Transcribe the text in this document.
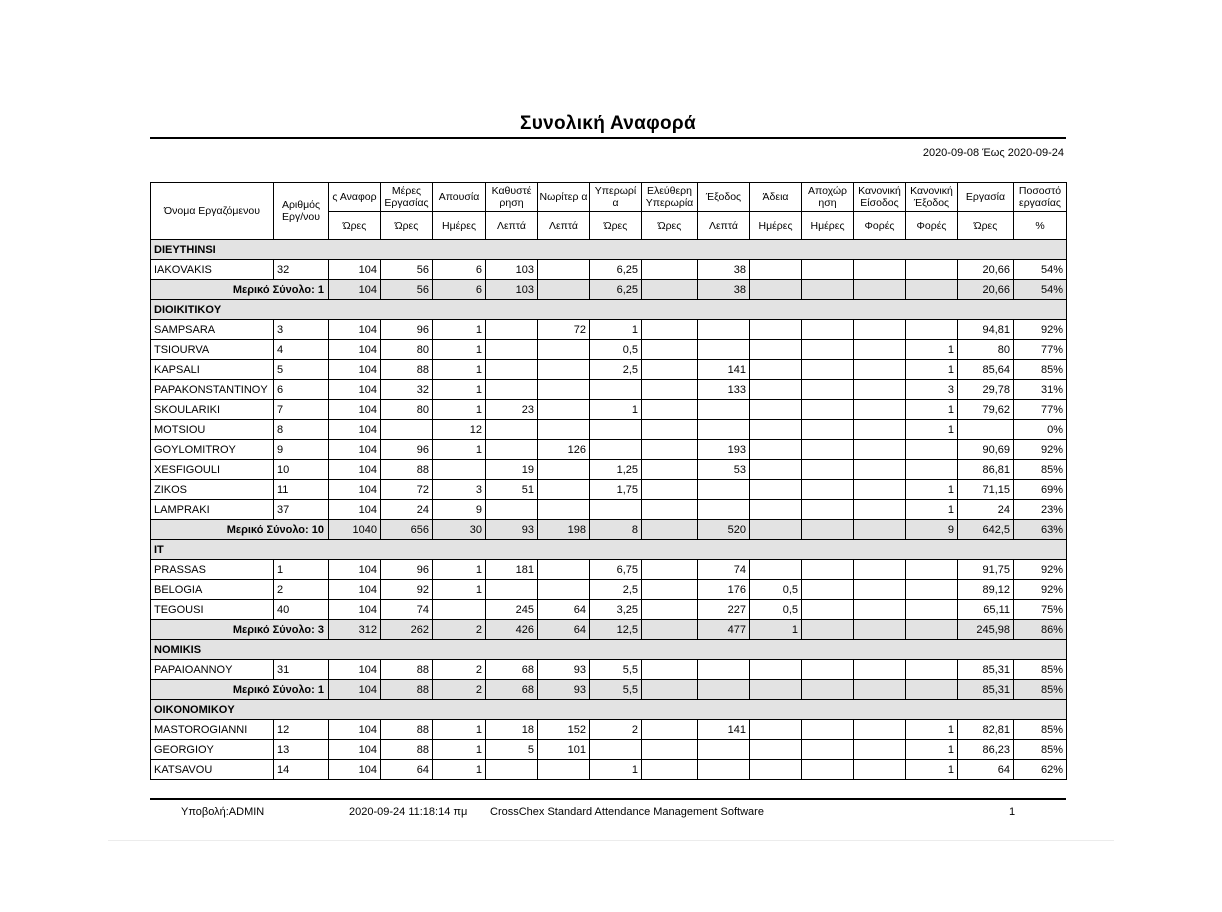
Συνολική Αναφορά
2020-09-08 Έως 2020-09-24
Όνομα Εργαζόμενου	Αριθμός Εργ/νου	ς Αναφορ	Μέρες Εργασίας	Απουσία	Καθυστέ ρηση	Νωρίτερ α	Υπερωρί α	Ελεύθερη Υπερωρία	Έξοδος	Άδεια	Αποχώρ ηση	Κανονική Είσοδος	Κανονική Έξοδος	Εργασία	Ποσοστό εργασίας
		Ώρες	Ώρες	Ημέρες	Λεπτά	Λεπτά	Ώρες	Ώρες	Λεπτά	Ημέρες	Ημέρες	Φορές	Φορές	Ώρες	%
DIEYTHINSI															
IAKOVAKIS	32	104	56	6	103		6,25		38					20,66	54%
Μερικό Σύνολο: 1		104	56	6	103		6,25		38					20,66	54%
DIOIKITIKOY															
SAMPSARA	3	104	96	1		72	1							94,81	92%
TSIOURVA	4	104	80	1			0,5						1	80	77%
KAPSALI	5	104	88	1			2,5		141				1	85,64	85%
PAPAKONSTANTINOY	6	104	32	1					133				3	29,78	31%
SKOULARIKI	7	104	80	1	23		1						1	79,62	77%
MOTSIOU	8	104		12									1		0%
GOYLOMITROY	9	104	96	1		126			193					90,69	92%
XESFIGOULI	10	104	88		19		1,25		53					86,81	85%
ZIKOS	11	104	72	3	51		1,75						1	71,15	69%
LAMPRAKI	37	104	24	9									1	24	23%
Μερικό Σύνολο: 10		1040	656	30	93	198	8		520				9	642,5	63%
IT															
PRASSAS	1	104	96	1	181		6,75		74					91,75	92%
BELOGIA	2	104	92	1			2,5		176	0,5				89,12	92%
TEGOUSI	40	104	74		245	64	3,25		227	0,5				65,11	75%
Μερικό Σύνολο: 3		312	262	2	426	64	12,5		477	1				245,98	86%
NOMIKIS															
PAPAIOANNOY	31	104	88	2	68	93	5,5							85,31	85%
Μερικό Σύνολο: 1		104	88	2	68	93	5,5							85,31	85%
OIKONOMIKOY															
MASTOROGIANNI	12	104	88	1	18	152	2		141				1	82,81	85%
GEORGIOY	13	104	88	1	5	101							1	86,23	85%
KATSAVOU	14	104	64	1			1						1	64	62%
Υποβολή:ADMIN	2020-09-24 11:18:14 πμ CrossChex Standard Attendance Management Software	1
